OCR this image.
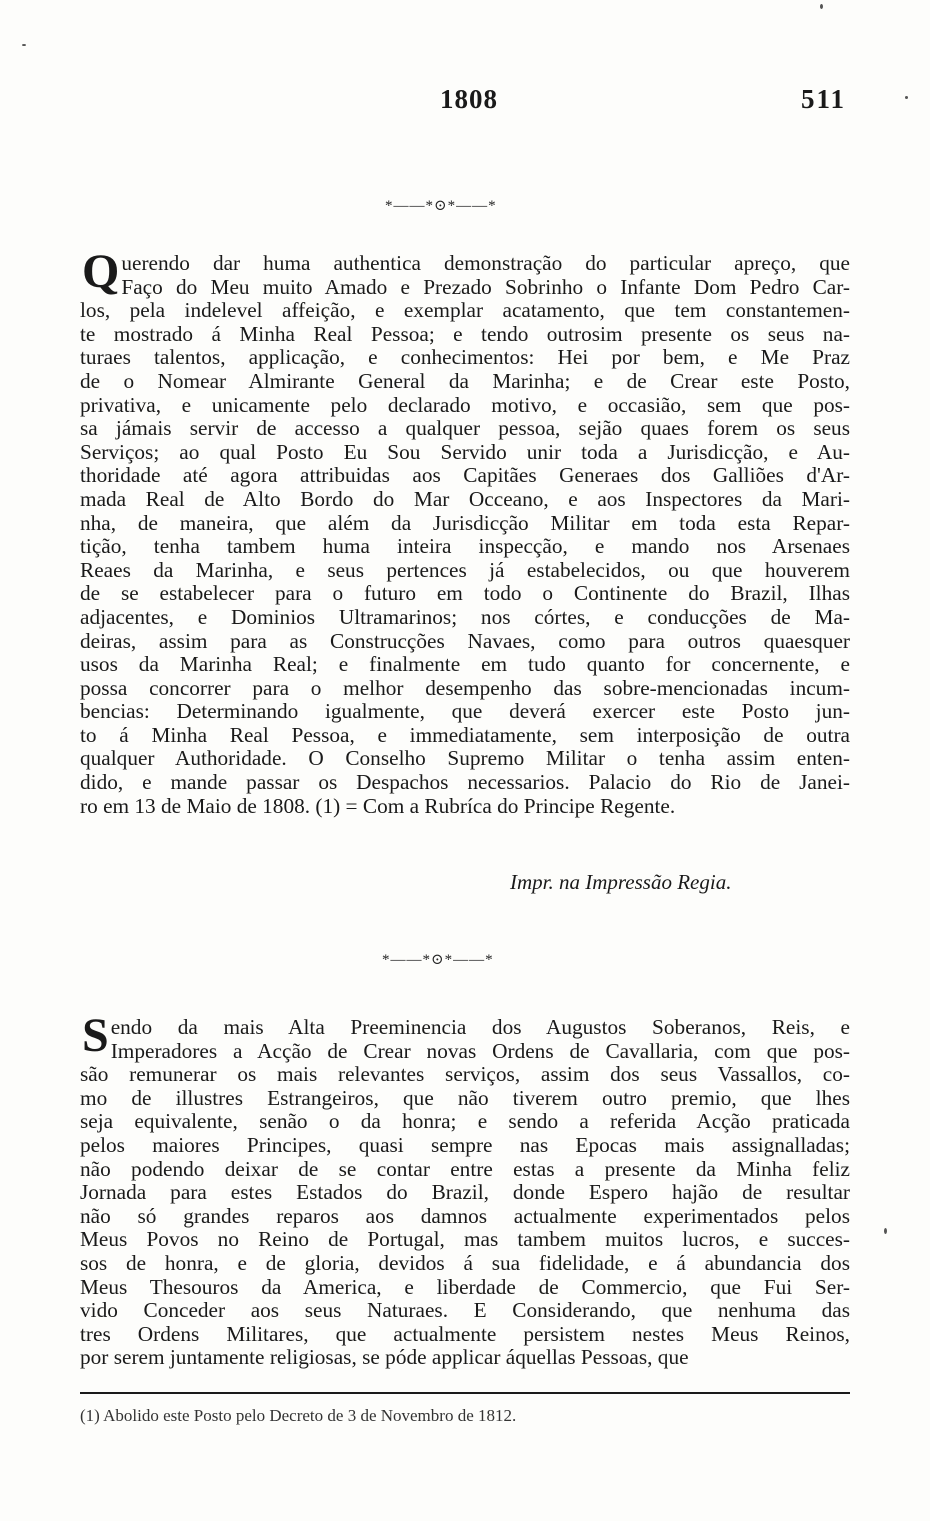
1808	511
*——*⊙*——*
Q uerendo dar huma authentica demonstração do particular apreço, que
Faço do Meu muito Amado e Prezado Sobrinho o Infante Dom Pedro Car-
los, pela indelevel affeição, e exemplar acatamento, que tem constantemen-
te mostrado á Minha Real Pessoa; e tendo outrosim presente os seus na-
turaes talentos, applicação, e conhecimentos: Hei por bem, e Me Praz
de o Nomear Almirante General da Marinha; e de Crear este Posto,
privativa, e unicamente pelo declarado motivo, e occasião, sem que pos-
sa jámais servir de accesso a qualquer pessoa, sejão quaes forem os seus
Serviços; ao qual Posto Eu Sou Servido unir toda a Jurisdicção, e Au-
thoridade até agora attribuidas aos Capitães Generaes dos Galliões d'Ar-
mada Real de Alto Bordo do Mar Occeano, e aos Inspectores da Mari-
nha, de maneira, que além da Jurisdicção Militar em toda esta Repar-
tição, tenha tambem huma inteira inspecção, e mando nos Arsenaes
Reaes da Marinha, e seus pertences já estabelecidos, ou que houverem
de se estabelecer para o futuro em todo o Continente do Brazil, Ilhas
adjacentes, e Dominios Ultramarinos; nos córtes, e conducções de Ma-
deiras, assim para as Construcções Navaes, como para outros quaesquer
usos da Marinha Real; e finalmente em tudo quanto for concernente, e
possa concorrer para o melhor desempenho das sobre-mencionadas incum-
bencias: Determinando igualmente, que deverá exercer este Posto jun-
to á Minha Real Pessoa, e immediatamente, sem interposição de outra
qualquer Authoridade. O Conselho Supremo Militar o tenha assim enten-
dido, e mande passar os Despachos necessarios. Palacio do Rio de Janei-
ro em 13 de Maio de 1808. (1) = Com a Rubríca do Principe Regente.
Impr. na Impressão Regia.
*——*⊙*——*
S endo da mais Alta Preeminencia dos Augustos Soberanos, Reis, e
Imperadores a Acção de Crear novas Ordens de Cavallaria, com que pos-
são remunerar os mais relevantes serviços, assim dos seus Vassallos, co-
mo de illustres Estrangeiros, que não tiverem outro premio, que lhes
seja equivalente, senão o da honra; e sendo a referida Acção praticada
pelos maiores Principes, quasi sempre nas Epocas mais assignalladas;
não podendo deixar de se contar entre estas a presente da Minha feliz
Jornada para estes Estados do Brazil, donde Espero hajão de resultar
não só grandes reparos aos damnos actualmente experimentados pelos
Meus Povos no Reino de Portugal, mas tambem muitos lucros, e succes-
sos de honra, e de gloria, devidos á sua fidelidade, e á abundancia dos
Meus Thesouros da America, e liberdade de Commercio, que Fui Ser-
vido Conceder aos seus Naturaes. E Considerando, que nenhuma das
tres Ordens Militares, que actualmente persistem nestes Meus Reinos,
por serem juntamente religiosas, se póde applicar áquellas Pessoas, que
(1) Abolido este Posto pelo Decreto de 3 de Novembro de 1812.
